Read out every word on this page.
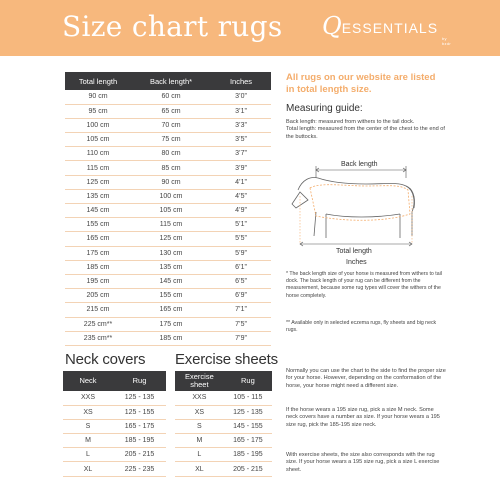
Size chart rugs Q ESSENTIALS
by bzdr
Total length	Back length*	Inches
90 cm	60 cm	3’0”
95 cm	65 cm	3’1”
100 cm	70 cm	3’3”
105 cm	75 cm	3’5”
110 cm	80 cm	3’7”
115 cm	85 cm	3’9”
125 cm	90 cm	4’1”
135 cm	100 cm	4’5”
145 cm	105 cm	4’9”
155 cm	115 cm	5’1”
165 cm	125 cm	5’5”
175 cm	130 cm	5’9”
185 cm	135 cm	6’1”
195 cm	145 cm	6’5”
205 cm	155 cm	6’9”
215 cm	165 cm	7’1”
225 cm**	175 cm	7’5”
235 cm**	185 cm	7’9”
Neck covers
Neck	Rug
XXS	125 - 135
XS	125 - 155
S	165 - 175
M	185 - 195
L	205 - 215
XL	225 - 235
Exercise sheets
Exercise sheet	Rug
XXS	105 - 115
XS	125 - 135
S	145 - 155
M	165 - 175
L	185 - 195
XL	205 - 215
All rugs on our website are listed in total length size.
Measuring guide:
Back length: measured from withers to the tail dock.
Total length: measured from the center of the chest to the end of the buttocks.
Back length
Total length
Inches
* The back length size of your horse is measured from withers to tail dock. The back length of your rug can be different from the measurement, because some rug types will cover the withers of the horse completely.
** Available only in selected eczema rugs, fly sheets and big neck rugs.
Normally you can use the chart to the side to find the proper size for your horse. However, depending on the conformation of the horse, your horse might need a different size.
If the horse wears a 195 size rug, pick a size M neck. Some neck covers have a number as size. If your horse wears a 195 size rug, pick the 185-195 size neck.
With exercise sheets, the size also corresponds with the rug size. If your horse wears a 195 size rug, pick a size L exercise sheet.
